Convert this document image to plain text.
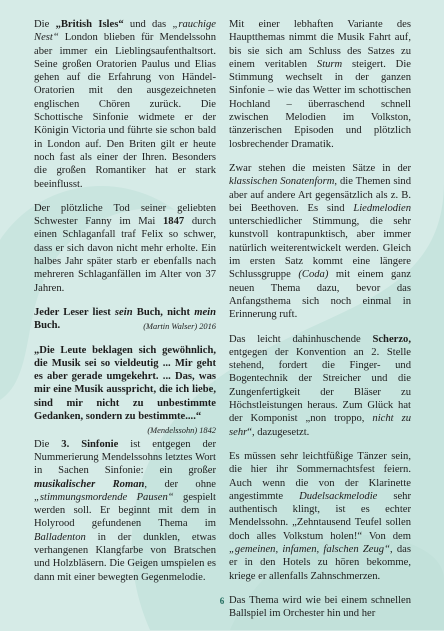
Die „British Isles“ und das „rauchige Nest“ London blieben für Mendelssohn aber immer ein Lieblingsaufenthaltsort. Seine großen Oratorien Paulus und Elias gehen auf die Erfahrung von Händel-Oratorien mit den ausgezeichneten englischen Chören zurück. Die Schottische Sinfonie widmete er der Königin Victoria und führte sie schon bald in London auf. Den Briten gilt er heute noch fast als einer der Ihren. Besonders die großen Romantiker hat er stark beeinflusst.

Der plötzliche Tod seiner geliebten Schwester Fanny im Mai 1847 durch einen Schlaganfall traf Felix so schwer, dass er sich davon nicht mehr erholte. Ein halbes Jahr später starb er ebenfalls nach mehreren Schlaganfällen im Alter von 37 Jahren.

Jeder Leser liest sein Buch, nicht mein Buch.	(Martin Walser) 2016

„Die Leute beklagen sich gewöhnlich, die Musik sei so vieldeutig ... Mir geht es aber gerade umgekehrt. ... Das, was mir eine Musik ausspricht, die ich liebe, sind mir nicht zu unbestimmte Gedanken, sondern zu bestimmte....“
(Mendelssohn) 1842

Die 3. Sinfonie ist entgegen der Nummerierung Mendelssohns letztes Wort in Sachen Sinfonie: ein großer musikalischer Roman, der ohne „stimmungsmordende Pausen“ gespielt werden soll. Er beginnt mit dem in Holyrood gefundenen Thema im Balladenton in der dunklen, etwas verhangenen Klangfarbe von Bratschen und Holzbläsern. Die Geigen umspielen es dann mit einer bewegten Gegenmelodie.

Mit einer lebhaften Variante des Hauptthemas nimmt die Musik Fahrt auf, bis sie sich am Schluss des Satzes zu einem veritablen Sturm steigert. Die Stimmung wechselt in der ganzen Sinfonie – wie das Wetter im schottischen Hochland – überraschend schnell zwischen Melodien im Volkston, tänzerischen Episoden und plötzlich losbrechender Dramatik.

Zwar stehen die meisten Sätze in der klassischen Sonatenform, die Themen sind aber auf andere Art gegensätzlich als z. B. bei Beethoven. Es sind Liedmelodien unterschiedlicher Stimmung, die sehr kunstvoll kontrapunktisch, aber immer natürlich weiterentwickelt werden. Gleich im ersten Satz kommt eine längere Schlussgruppe (Coda) mit einem ganz neuen Thema dazu, bevor das Anfangsthema sich noch einmal in Erinnerung ruft.

Das leicht dahinhuschende Scherzo, entgegen der Konvention an 2. Stelle stehend, fordert die Finger- und Bogentechnik der Streicher und die Zungenfertigkeit der Bläser zu Höchstleistungen heraus. Zum Glück hat der Komponist „non troppo, nicht zu sehr“, dazugesetzt.

Es müssen sehr leichtfüßige Tänzer sein, die hier ihr Sommernachtsfest feiern. Auch wenn die von der Klarinette angestimmte Dudelsackmelodie sehr authentisch klingt, ist es echter Mendelssohn. „Zehntausend Teufel sollen doch alles Volkstum holen!“ Von dem „gemeinen, infamen, falschen Zeug“, das er in den Hotels zu hören bekomme, kriege er allenfalls Zahnschmerzen.

Das Thema wird wie bei einem schnellen Ballspiel im Orchester hin und her

6
